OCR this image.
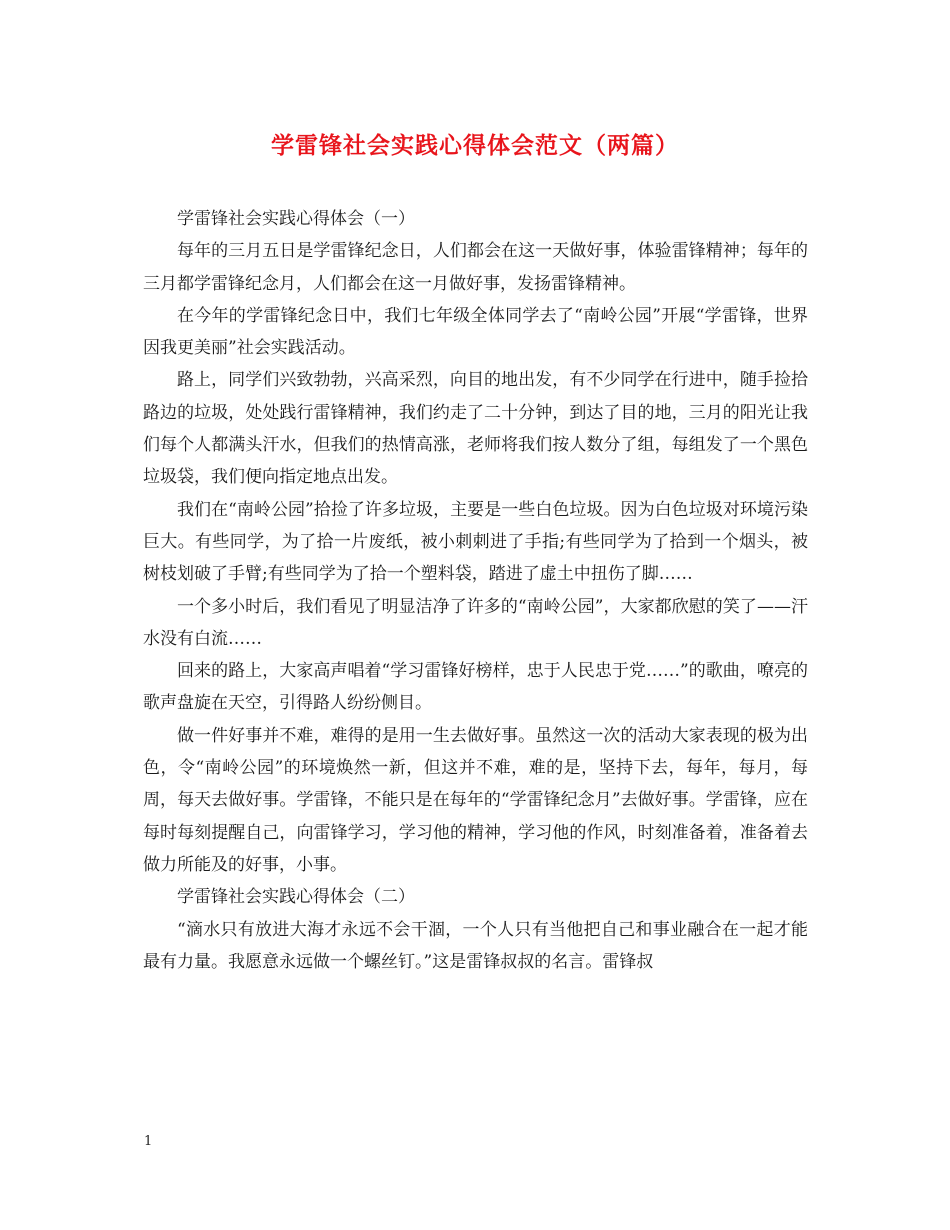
学雷锋社会实践心得体会范文（两篇）

学雷锋社会实践心得体会（一）

每年的三月五日是学雷锋纪念日，人们都会在这一天做好事，体验雷锋精神；每年的三月都学雷锋纪念月，人们都会在这一月做好事，发扬雷锋精神。

在今年的学雷锋纪念日中，我们七年级全体同学去了“南岭公园”开展“学雷锋，世界因我更美丽”社会实践活动。

路上，同学们兴致勃勃，兴高采烈，向目的地出发，有不少同学在行进中，随手捡拾路边的垃圾，处处践行雷锋精神，我们约走了二十分钟，到达了目的地，三月的阳光让我们每个人都满头汗水，但我们的热情高涨，老师将我们按人数分了组，每组发了一个黑色垃圾袋，我们便向指定地点出发。

我们在“南岭公园”拾捡了许多垃圾，主要是一些白色垃圾。因为白色垃圾对环境污染巨大。有些同学，为了拾一片废纸，被小刺刺进了手指;有些同学为了拾到一个烟头，被树枝划破了手臂;有些同学为了拾一个塑料袋，踏进了虚土中扭伤了脚……

一个多小时后，我们看见了明显洁净了许多的“南岭公园”，大家都欣慰的笑了——汗水没有白流……

回来的路上，大家高声唱着“学习雷锋好榜样，忠于人民忠于党……”的歌曲，嘹亮的歌声盘旋在天空，引得路人纷纷侧目。

做一件好事并不难，难得的是用一生去做好事。虽然这一次的活动大家表现的极为出色，令“南岭公园”的环境焕然一新，但这并不难，难的是，坚持下去，每年，每月，每周，每天去做好事。学雷锋，不能只是在每年的“学雷锋纪念月”去做好事。学雷锋，应在每时每刻提醒自己，向雷锋学习，学习他的精神，学习他的作风，时刻准备着，准备着去做力所能及的好事，小事。

学雷锋社会实践心得体会（二）

“滴水只有放进大海才永远不会干涸，一个人只有当他把自己和事业融合在一起才能最有力量。我愿意永远做一个螺丝钉。”这是雷锋叔叔的名言。雷锋叔

1
